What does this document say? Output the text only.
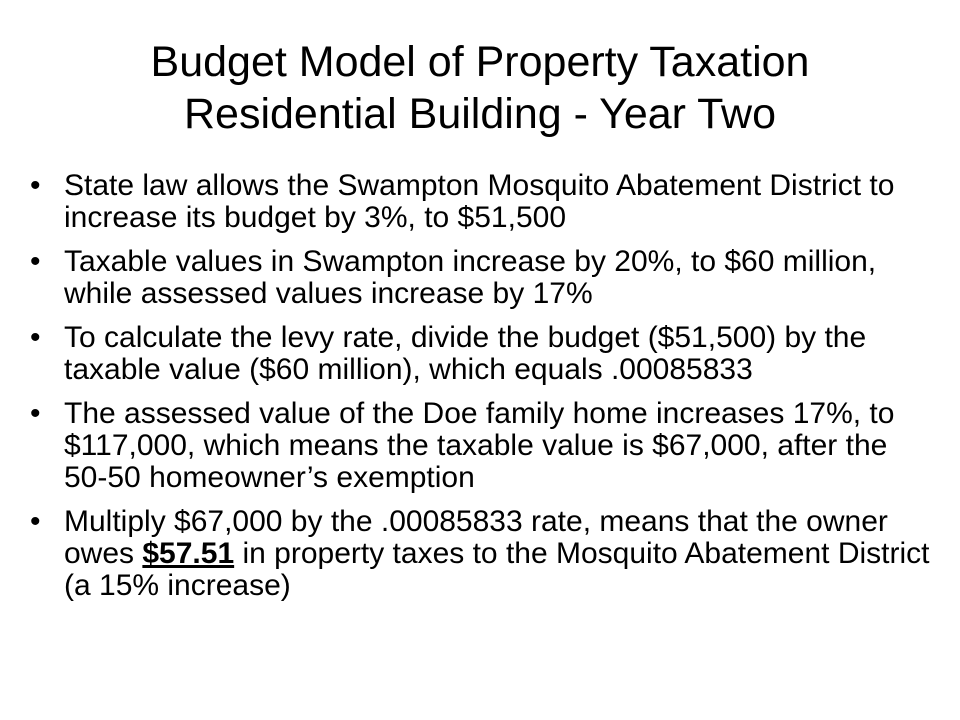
Budget Model of Property Taxation
Residential Building - Year Two
• State law allows the Swampton Mosquito Abatement District to increase its budget by 3%, to $51,500
• Taxable values in Swampton increase by 20%, to $60 million, while assessed values increase by 17%
• To calculate the levy rate, divide the budget ($51,500) by the taxable value ($60 million), which equals .00085833
• The assessed value of the Doe family home increases 17%, to $117,000, which means the taxable value is $67,000, after the 50-50 homeowner’s exemption
• Multiply $67,000 by the .00085833 rate, means that the owner owes $57.51 in property taxes to the Mosquito Abatement District (a 15% increase)
